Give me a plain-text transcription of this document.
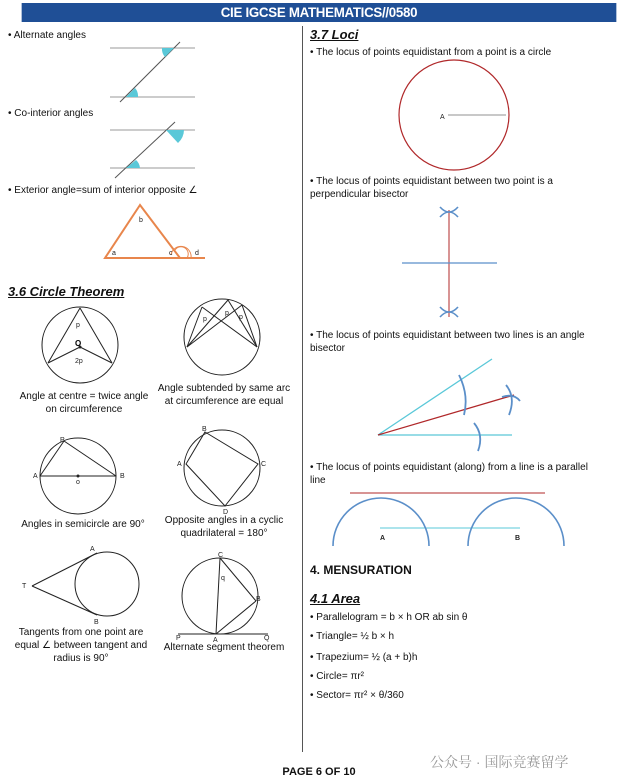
CIE IGCSE MATHEMATICS//0580
• Alternate angles
• Co-interior angles
• Exterior angle=sum of interior opposite ∠
b
a	c	d
3.6 Circle Theorem
p
O
2p
Angle at centre = twice angle on circumference
p
p
p
Angle subtended by same arc at circumference are equal
P
A	B
o
Angles in semicircle are 90°
B
C
D
A
Opposite angles in a cyclic quadrilateral = 180°
A
T
B
Tangents from one point are equal ∠ between tangent and radius is 90°
C
q
B
P	A	Q
Alternate segment theorem
3.7 Loci
• The locus of points equidistant from a point is a circle
A
• The locus of points equidistant between two point is a perpendicular bisector
• The locus of points equidistant between two lines is an angle bisector
• The locus of points equidistant (along) from a line is a parallel line
A	B
4. MENSURATION
4.1 Area
• Parallelogram = b × h OR ab sin θ
• Triangle= ½ b × h
• Trapezium= ½ (a + b)h
• Circle= πr²
• Sector= πr² × θ/360
公众号 · 国际竞赛留学
PAGE 6 OF 10
